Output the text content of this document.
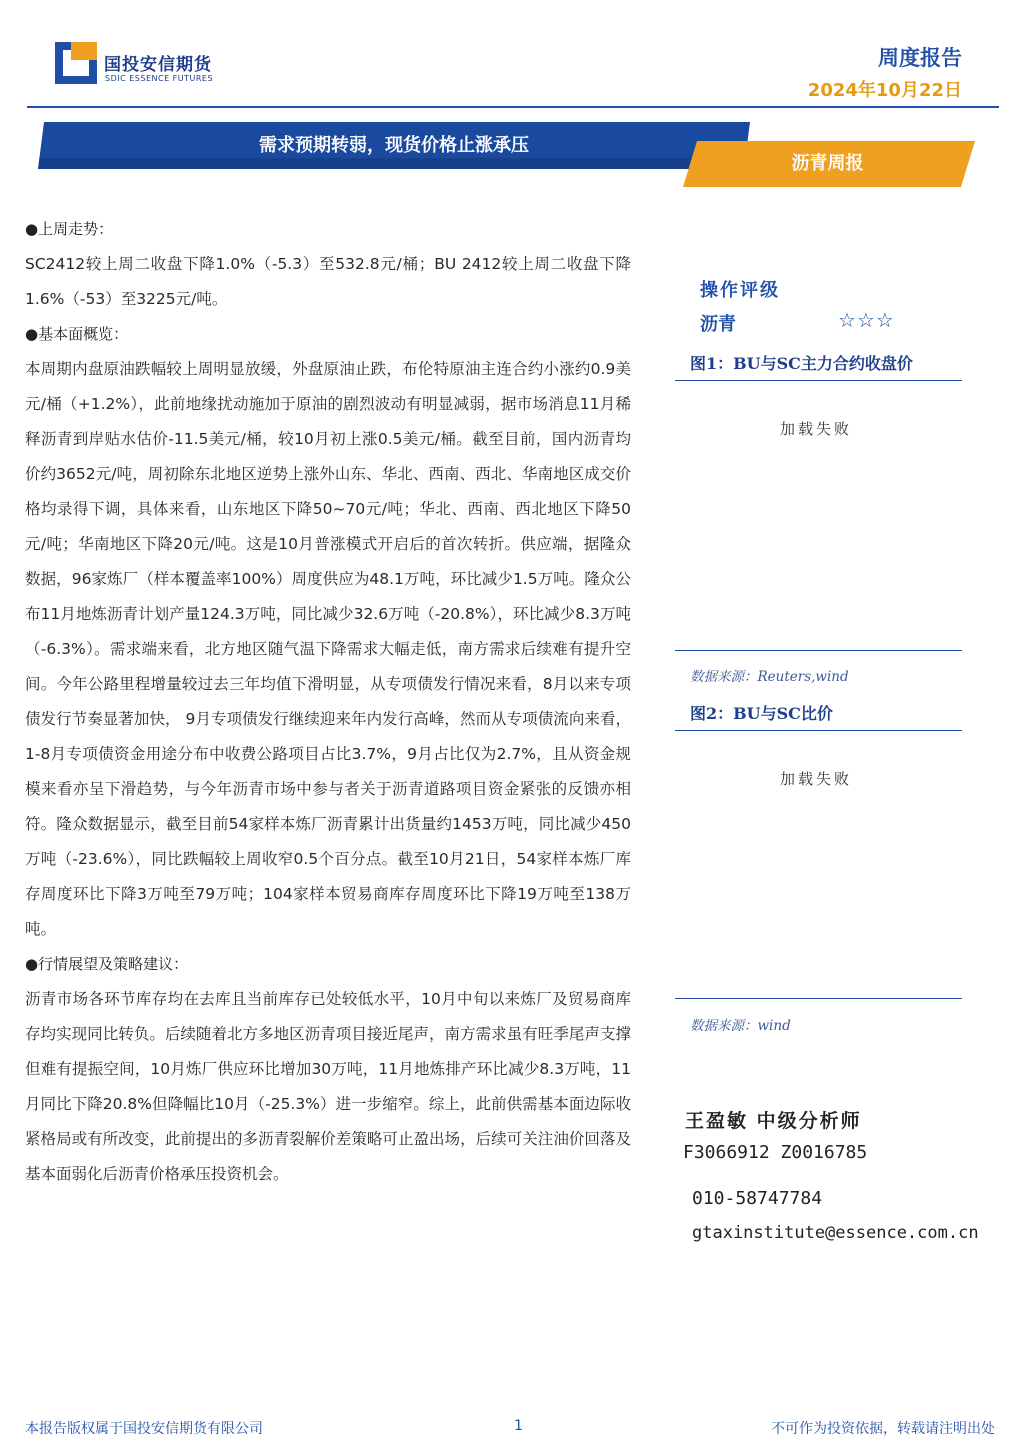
国投安信期货
SDIC ESSENCE FUTURES
周度报告
2024年10月22日
需求预期转弱，现货价格止涨承压
沥青周报
●上周走势：

SC2412较上周二收盘下降1.0%（-5.3）至532.8元/桶；BU 2412较上周二收盘下降1.6%（-53）至3225元/吨。

●基本面概览：

本周期内盘原油跌幅较上周明显放缓，外盘原油止跌，布伦特原油主连合约小涨约0.9美元/桶（+1.2%），此前地缘扰动施加于原油的剧烈波动有明显减弱，据市场消息11月稀释沥青到岸贴水估价-11.5美元/桶，较10月初上涨0.5美元/桶。截至目前，国内沥青均价约3652元/吨，周初除东北地区逆势上涨外山东、华北、西南、西北、华南地区成交价格均录得下调，具体来看，山东地区下降50~70元/吨；华北、西南、西北地区下降50元/吨；华南地区下降20元/吨。这是10月普涨模式开启后的首次转折。供应端，据隆众数据，96家炼厂（样本覆盖率100%）周度供应为48.1万吨，环比减少1.5万吨。隆众公布11月地炼沥青计划产量124.3万吨，同比减少32.6万吨（-20.8%），环比减少8.3万吨（-6.3%）。需求端来看，北方地区随气温下降需求大幅走低，南方需求后续难有提升空间。今年公路里程增量较过去三年均值下滑明显，从专项债发行情况来看，8月以来专项债发行节奏显著加快， 9月专项债发行继续迎来年内发行高峰，然而从专项债流向来看，1-8月专项债资金用途分布中收费公路项目占比3.7%，9月占比仅为2.7%，且从资金规模来看亦呈下滑趋势，与今年沥青市场中参与者关于沥青道路项目资金紧张的反馈亦相符。隆众数据显示，截至目前54家样本炼厂沥青累计出货量约1453万吨，同比减少450万吨（-23.6%），同比跌幅较上周收窄0.5个百分点。截至10月21日，54家样本炼厂库存周度环比下降3万吨至79万吨；104家样本贸易商库存周度环比下降19万吨至138万吨。

●行情展望及策略建议：

沥青市场各环节库存均在去库且当前库存已处较低水平，10月中旬以来炼厂及贸易商库存均实现同比转负。后续随着北方多地区沥青项目接近尾声，南方需求虽有旺季尾声支撑但难有提振空间，10月炼厂供应环比增加30万吨，11月地炼排产环比减少8.3万吨，11月同比下降20.8%但降幅比10月（-25.3%）进一步缩窄。综上，此前供需基本面边际收紧格局或有所改变，此前提出的多沥青裂解价差策略可止盈出场，后续可关注油价回落及基本面弱化后沥青价格承压投资机会。

操作评级
沥青	☆☆☆
图1：BU与SC主力合约收盘价
加载失败
数据来源：Reuters,wind
图2：BU与SC比价
加载失败
数据来源：wind
王盈敏 中级分析师
F3066912 Z0016785
010-58747784
gtaxinstitute@essence.com.cn
本报告版权属于国投安信期货有限公司	1	不可作为投资依据，转载请注明出处
